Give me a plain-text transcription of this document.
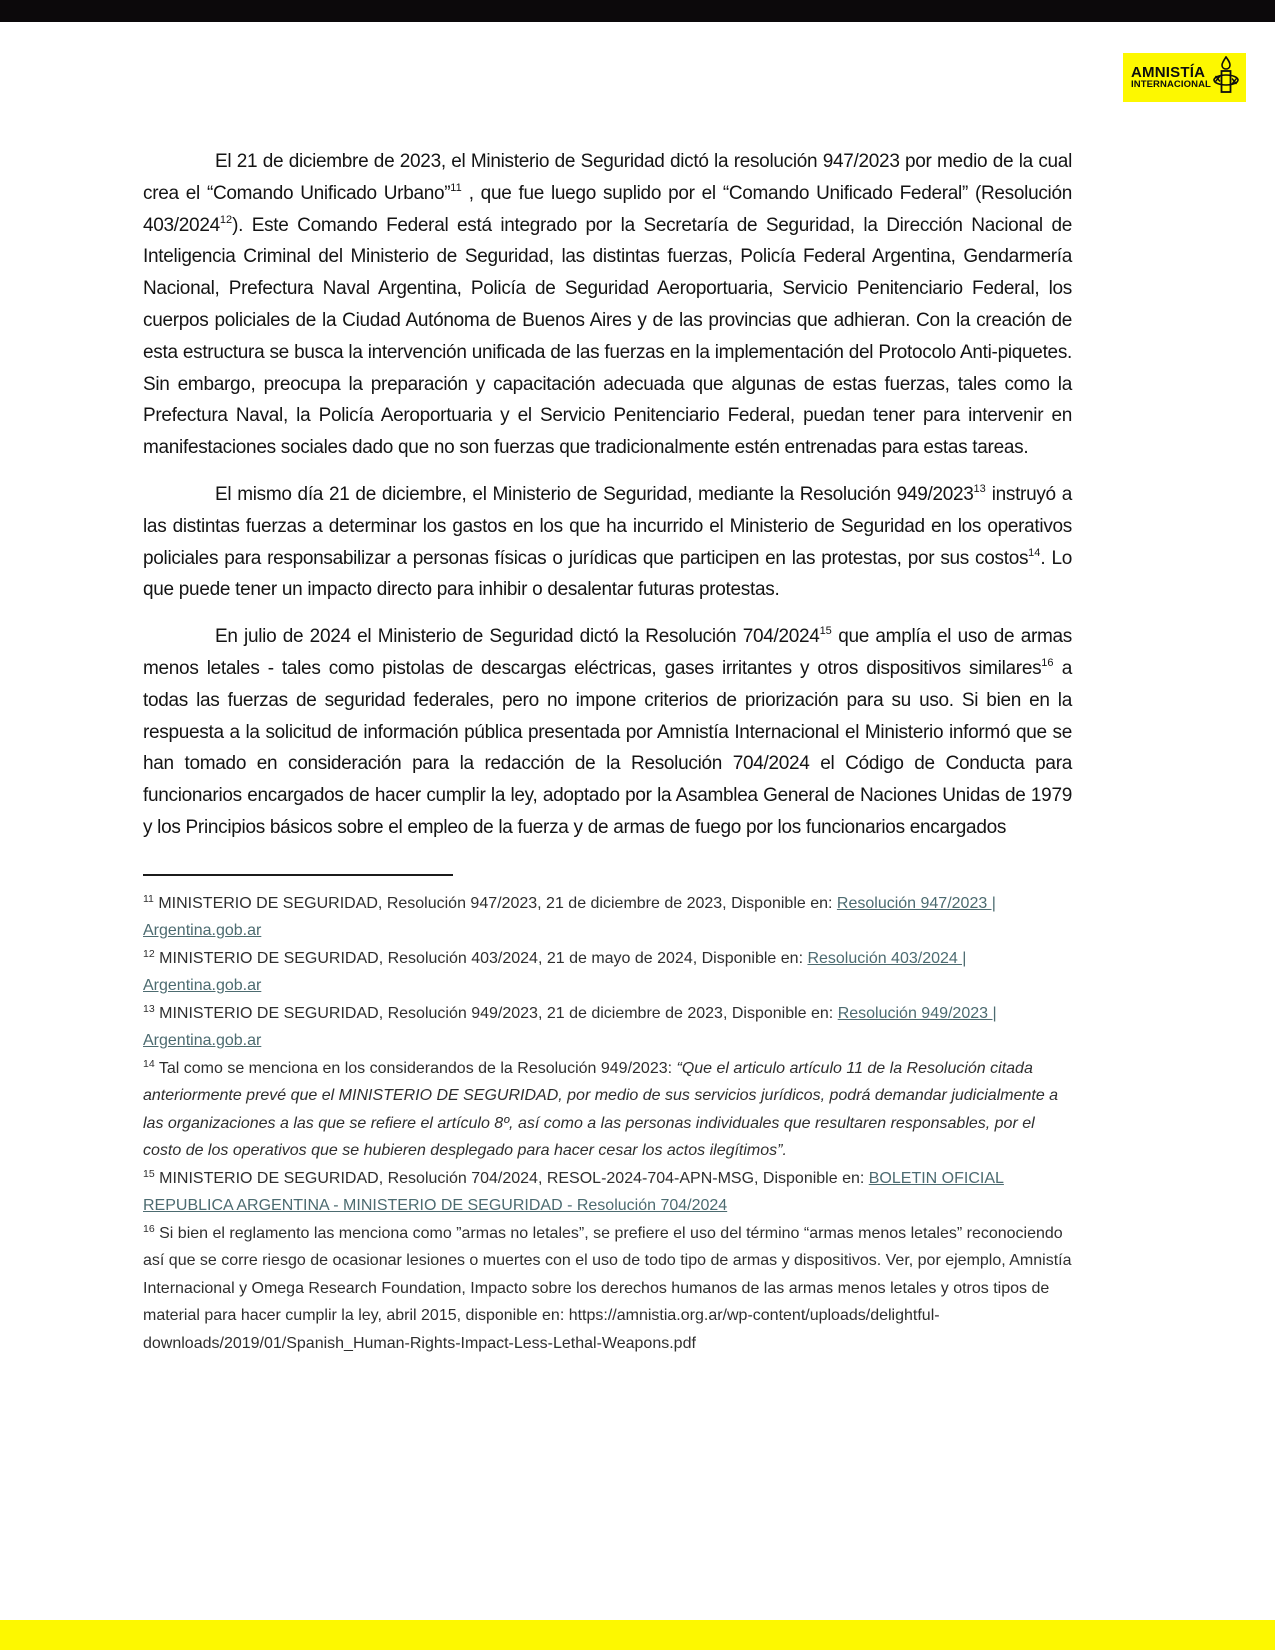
AMNISTÍA
INTERNACIONAL

El 21 de diciembre de 2023, el Ministerio de Seguridad dictó la resolución 947/2023 por medio de la cual crea el “Comando Unificado Urbano”$^{11}$ , que fue luego suplido por el “Comando Unificado Federal” (Resolución 403/2024$^{12}$). Este Comando Federal está integrado por la Secretaría de Seguridad, la Dirección Nacional de Inteligencia Criminal del Ministerio de Seguridad, las distintas fuerzas, Policía Federal Argentina, Gendarmería Nacional, Prefectura Naval Argentina, Policía de Seguridad Aeroportuaria, Servicio Penitenciario Federal, los cuerpos policiales de la Ciudad Autónoma de Buenos Aires y de las provincias que adhieran. Con la creación de esta estructura se busca la intervención unificada de las fuerzas en la implementación del Protocolo Anti-piquetes. Sin embargo, preocupa la preparación y capacitación adecuada que algunas de estas fuerzas, tales como la Prefectura Naval, la Policía Aeroportuaria y el Servicio Penitenciario Federal, puedan tener para intervenir en manifestaciones sociales dado que no son fuerzas que tradicionalmente estén entrenadas para estas tareas.

El mismo día 21 de diciembre, el Ministerio de Seguridad, mediante la Resolución 949/2023$^{13}$ instruyó a las distintas fuerzas a determinar los gastos en los que ha incurrido el Ministerio de Seguridad en los operativos policiales para responsabilizar a personas físicas o jurídicas que participen en las protestas, por sus costos$^{14}$. Lo que puede tener un impacto directo para inhibir o desalentar futuras protestas.

En julio de 2024 el Ministerio de Seguridad dictó la Resolución 704/2024$^{15}$ que amplía el uso de armas menos letales - tales como pistolas de descargas eléctricas, gases irritantes y otros dispositivos similares$^{16}$ a todas las fuerzas de seguridad federales, pero no impone criterios de priorización para su uso. Si bien en la respuesta a la solicitud de información pública presentada por Amnistía Internacional el Ministerio informó que se han tomado en consideración para la redacción de la Resolución 704/2024 el Código de Conducta para funcionarios encargados de hacer cumplir la ley, adoptado por la Asamblea General de Naciones Unidas de 1979 y los Principios básicos sobre el empleo de la fuerza y de armas de fuego por los funcionarios encargados

$^{11}$ MINISTERIO DE SEGURIDAD, Resolución 947/2023, 21 de diciembre de 2023, Disponible en: Resolución 947/2023 | Argentina.gob.ar
$^{12}$ MINISTERIO DE SEGURIDAD, Resolución 403/2024, 21 de mayo de 2024, Disponible en: Resolución 403/2024 | Argentina.gob.ar
$^{13}$ MINISTERIO DE SEGURIDAD, Resolución 949/2023, 21 de diciembre de 2023, Disponible en: Resolución 949/2023 | Argentina.gob.ar
$^{14}$ Tal como se menciona en los considerandos de la Resolución 949/2023: “Que el articulo artículo 11 de la Resolución citada anteriormente prevé que el MINISTERIO DE SEGURIDAD, por medio de sus servicios jurídicos, podrá demandar judicialmente a las organizaciones a las que se refiere el artículo 8º, así como a las personas individuales que resultaren responsables, por el costo de los operativos que se hubieren desplegado para hacer cesar los actos ilegítimos”.
$^{15}$ MINISTERIO DE SEGURIDAD, Resolución 704/2024, RESOL-2024-704-APN-MSG, Disponible en: BOLETIN OFICIAL REPUBLICA ARGENTINA - MINISTERIO DE SEGURIDAD - Resolución 704/2024
$^{16}$ Si bien el reglamento las menciona como ”armas no letales”, se prefiere el uso del término “armas menos letales” reconociendo así que se corre riesgo de ocasionar lesiones o muertes con el uso de todo tipo de armas y dispositivos. Ver, por ejemplo, Amnistía Internacional y Omega Research Foundation, Impacto sobre los derechos humanos de las armas menos letales y otros tipos de material para hacer cumplir la ley, abril 2015, disponible en: https://amnistia.org.ar/wp-content/uploads/delightful-downloads/2019/01/Spanish_Human-Rights-Impact-Less-Lethal-Weapons.pdf
